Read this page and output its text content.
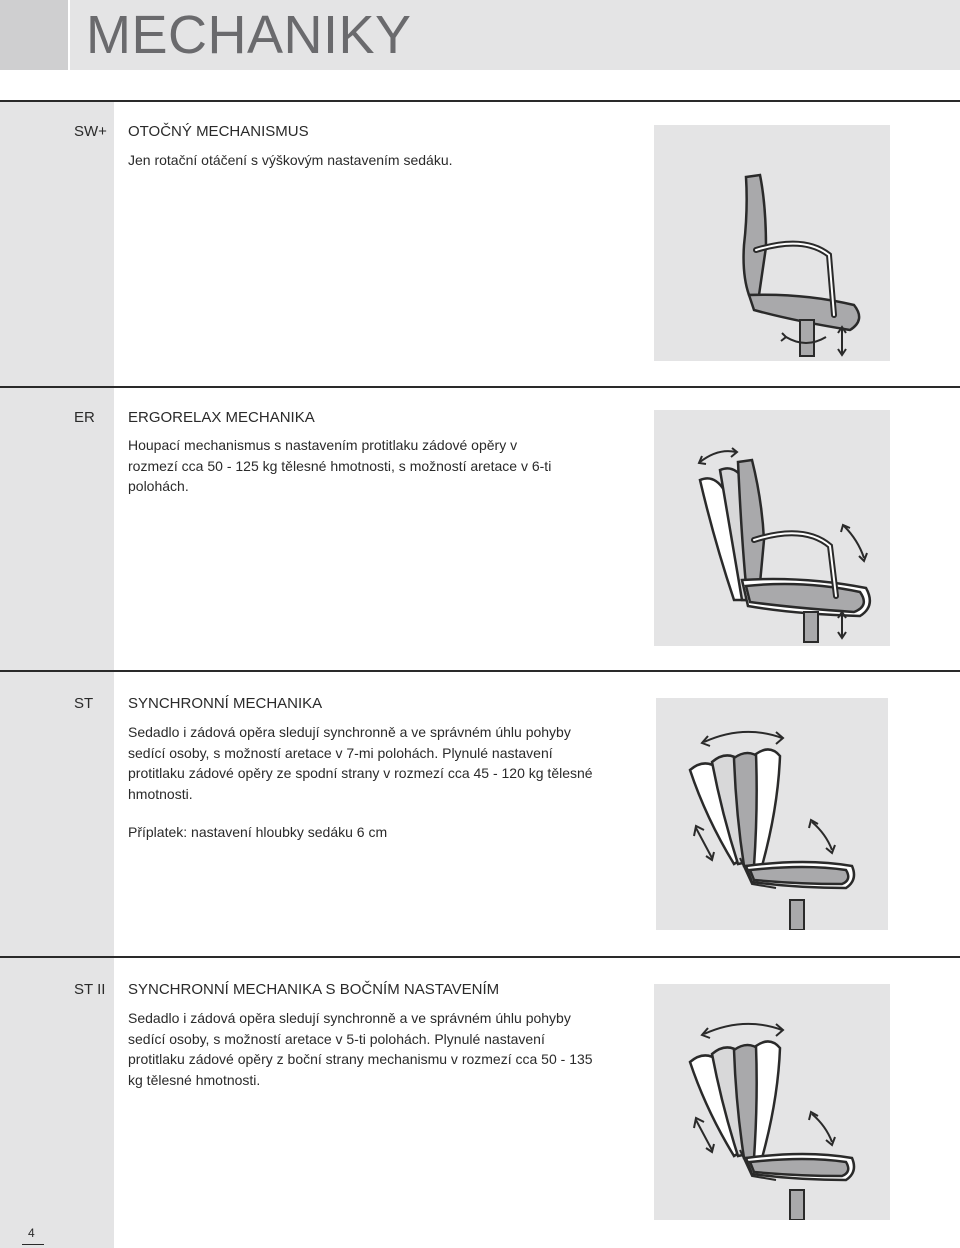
MECHANIKY
SW+ OTOČNÝ MECHANISMUS

Jen rotační otáčení s výškovým nastavením sedáku.

ER ERGORELAX MECHANIKA

Houpací mechanismus s nastavením protitlaku zádové opěry v rozmezí cca 50 - 125 kg tělesné hmotnosti, s možností aretace v 6-ti polohách.

ST SYNCHRONNÍ MECHANIKA

Sedadlo i zádová opěra sledují synchronně a ve správném úhlu pohyby sedící osoby, s možností aretace v 7-mi polohách. Plynulé nastavení protitlaku zádové opěry ze spodní strany v rozmezí cca 45 - 120 kg tělesné hmotnosti.

Příplatek: nastavení hloubky sedáku 6 cm

ST II SYNCHRONNÍ MECHANIKA S BOČNÍM NASTAVENÍM

Sedadlo i zádová opěra sledují synchronně a ve správném úhlu pohyby sedící osoby, s možností aretace v 5-ti polohách. Plynulé nastavení protitlaku zádové opěry z boční strany mechanismu v rozmezí cca 50 - 135 kg tělesné hmotnosti.

4
